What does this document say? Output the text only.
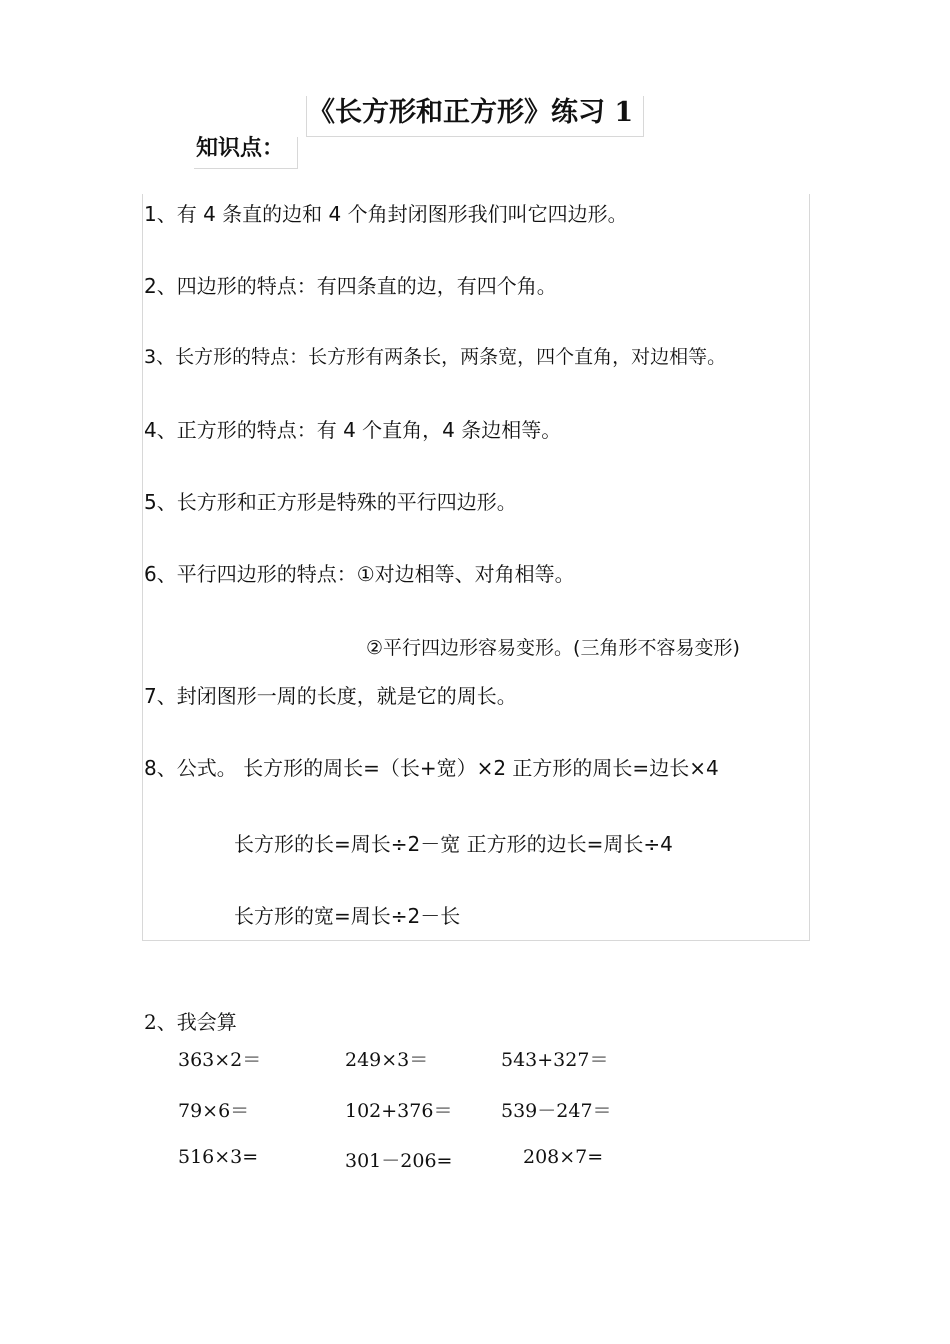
《长方形和正方形》练习 1
知识点：
1、有 4 条直的边和 4 个角封闭图形我们叫它四边形。
2、四边形的特点：有四条直的边，有四个角。
3、长方形的特点：长方形有两条长，两条宽，四个直角，对边相等。
4、正方形的特点：有 4 个直角，4 条边相等。
5、长方形和正方形是特殊的平行四边形。
6、平行四边形的特点：①对边相等、对角相等。
②平行四边形容易变形。(三角形不容易变形)
7、封闭图形一周的长度，就是它的周长。
8、公式。 长方形的周长=（长+宽）×2 正方形的周长=边长×4
长方形的长=周长÷2－宽 正方形的边长=周长÷4
长方形的宽=周长÷2－长
2、我会算
363×2＝	249×3＝	543+327＝
79×6＝	102+376＝	539－247＝
516×3=	301－206=	208×7=
